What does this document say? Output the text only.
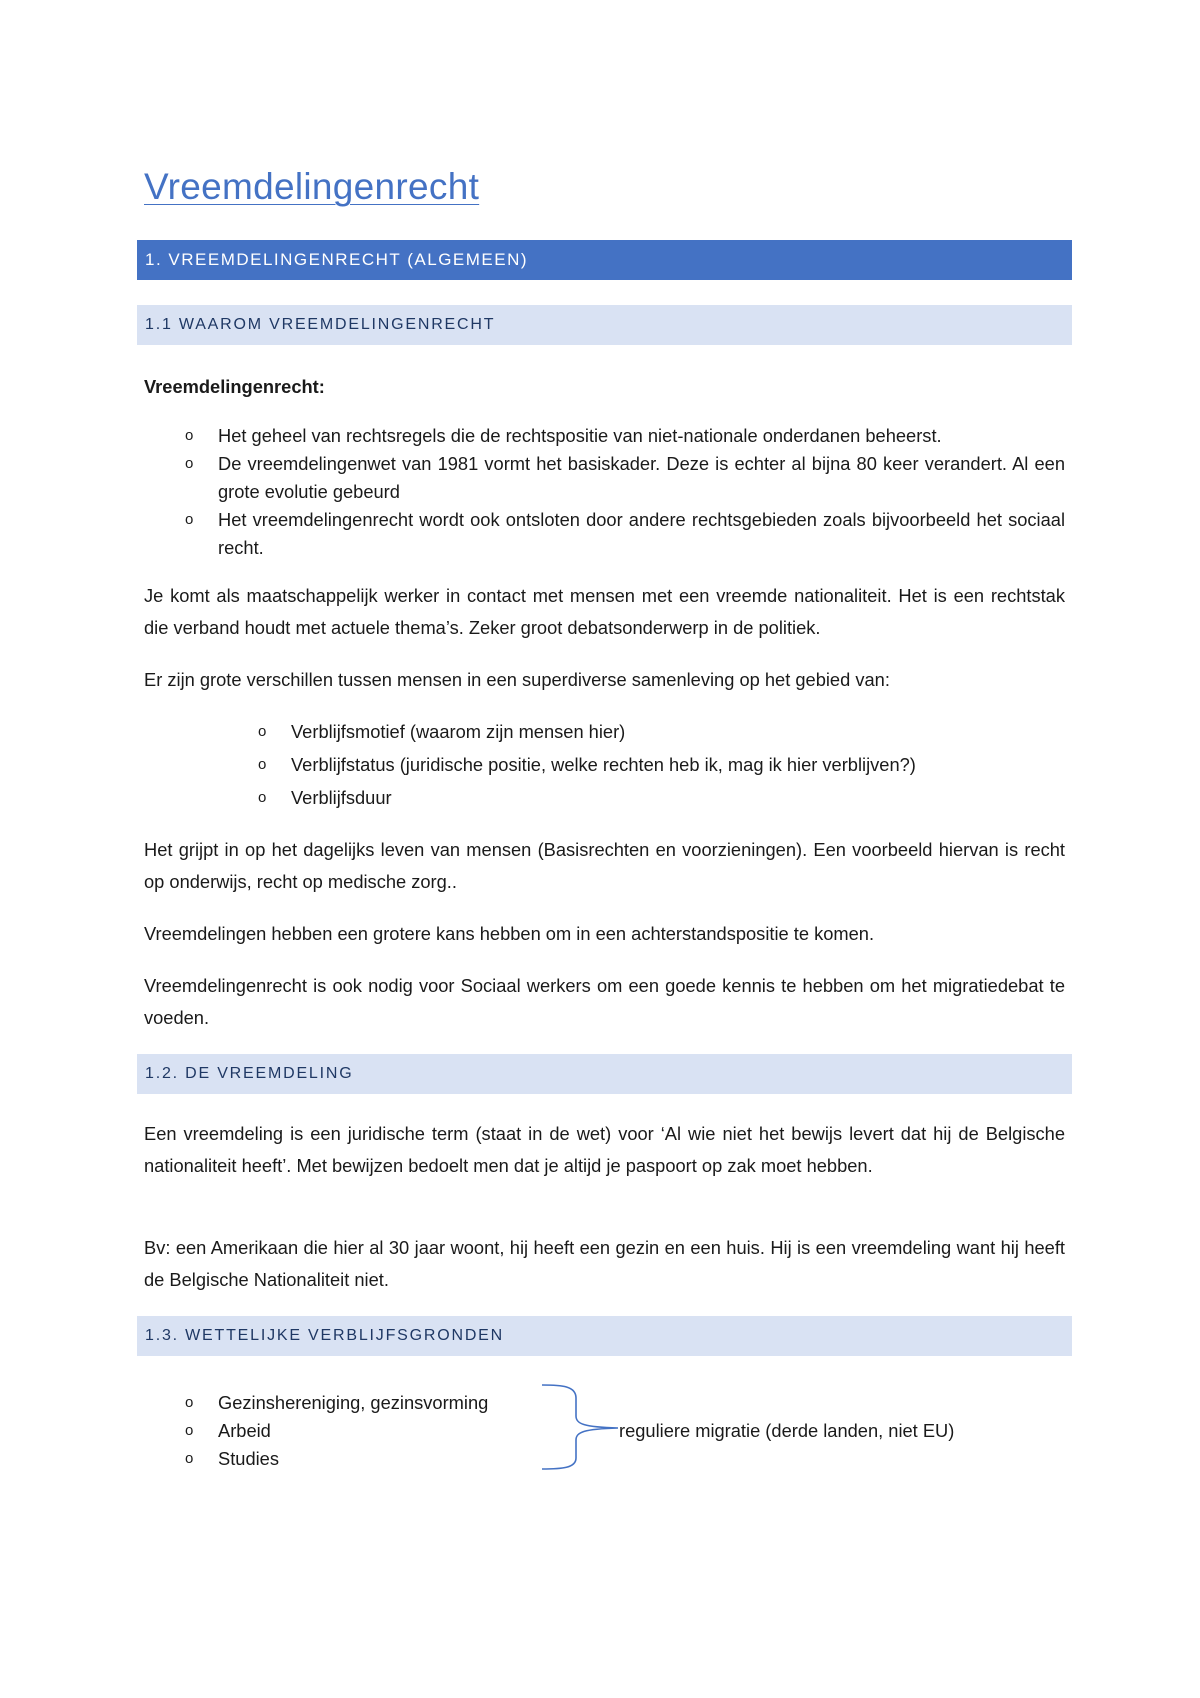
Vreemdelingenrecht
1. VREEMDELINGENRECHT (ALGEMEEN)
1.1 WAAROM VREEMDELINGENRECHT
Vreemdelingenrecht:
o Het geheel van rechtsregels die de rechtspositie van niet-nationale onderdanen beheerst.
o De vreemdelingenwet van 1981 vormt het basiskader. Deze is echter al bijna 80 keer verandert. Al een grote evolutie gebeurd
o Het vreemdelingenrecht wordt ook ontsloten door andere rechtsgebieden zoals bijvoorbeeld het sociaal recht.
Je komt als maatschappelijk werker in contact met mensen met een vreemde nationaliteit. Het is een rechtstak die verband houdt met actuele thema’s. Zeker groot debatsonderwerp in de politiek.
Er zijn grote verschillen tussen mensen in een superdiverse samenleving op het gebied van:
o Verblijfsmotief (waarom zijn mensen hier)
o Verblijfstatus (juridische positie, welke rechten heb ik, mag ik hier verblijven?)
o Verblijfsduur
Het grijpt in op het dagelijks leven van mensen (Basisrechten en voorzieningen). Een voorbeeld hiervan is recht op onderwijs, recht op medische zorg..
Vreemdelingen hebben een grotere kans hebben om in een achterstandspositie te komen.
Vreemdelingenrecht is ook nodig voor Sociaal werkers om een goede kennis te hebben om het migratiedebat te voeden.
1.2. DE VREEMDELING
Een vreemdeling is een juridische term (staat in de wet) voor ‘Al wie niet het bewijs levert dat hij de Belgische nationaliteit heeft’. Met bewijzen bedoelt men dat je altijd je paspoort op zak moet hebben.
Bv: een Amerikaan die hier al 30 jaar woont, hij heeft een gezin en een huis. Hij is een vreemdeling want hij heeft de Belgische Nationaliteit niet.
1.3. WETTELIJKE VERBLIJFSGRONDEN
o Gezinshereniging, gezinsvorming
o Arbeid
o Studies
reguliere migratie (derde landen, niet EU)
